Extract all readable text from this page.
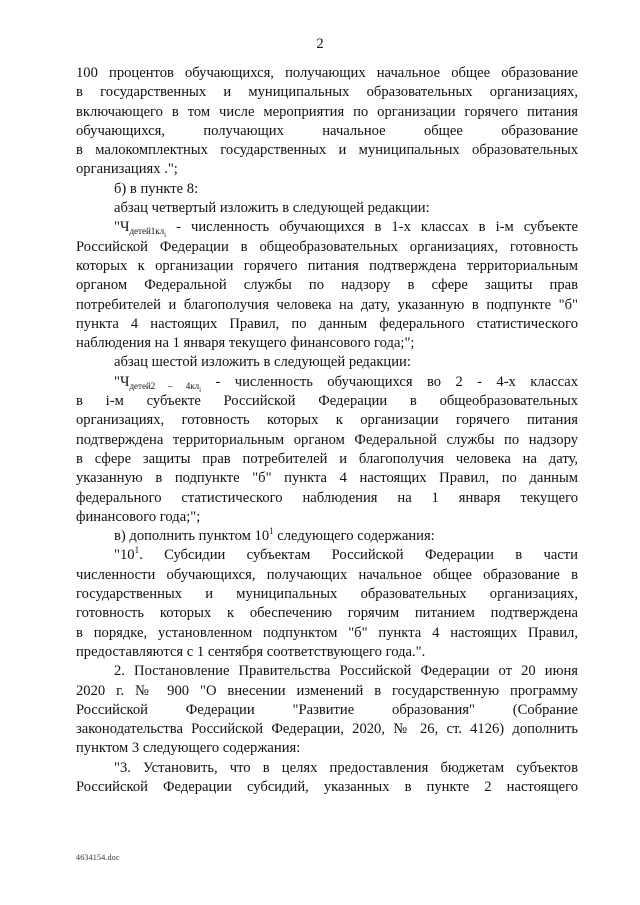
2
100 процентов обучающихся, получающих начальное общее образование
в государственных и муниципальных образовательных организациях,
включающего в том числе мероприятия по организации горячего питания
обучающихся, получающих начальное общее образование
в малокомплектных государственных и муниципальных образовательных
организациях .";
б) в пункте 8:
абзац четвертый изложить в следующей редакции:
"$Ч_{детей1клi}$ - численность обучающихся в 1-х классах в i-м субъекте
Российской Федерации в общеобразовательных организациях, готовность
которых к организации горячего питания подтверждена территориальным
органом Федеральной службы по надзору в сфере защиты прав
потребителей и благополучия человека на дату, указанную в подпункте "б"
пункта 4 настоящих Правил, по данным федерального статистического
наблюдения на 1 января текущего финансового года;";
абзац шестой изложить в следующей редакции:
"$Ч_{детей2 - 4клi}$ - численность обучающихся во 2 - 4-х классах
в i-м субъекте Российской Федерации в общеобразовательных
организациях, готовность которых к организации горячего питания
подтверждена территориальным органом Федеральной службы по надзору
в сфере защиты прав потребителей и благополучия человека на дату,
указанную в подпункте "б" пункта 4 настоящих Правил, по данным
федерального статистического наблюдения на 1 января текущего
финансового года;";
в) дополнить пунктом $10^1$ следующего содержания:
"$10^1$. Субсидии субъектам Российской Федерации в части
численности обучающихся, получающих начальное общее образование в
государственных и муниципальных образовательных организациях,
готовность которых к обеспечению горячим питанием подтверждена
в порядке, установленном подпунктом "б" пункта 4 настоящих Правил,
предоставляются с 1 сентября соответствующего года.".
2. Постановление Правительства Российской Федерации от 20 июня
2020 г. № 900 "О внесении изменений в государственную программу
Российской Федерации "Развитие образования" (Собрание
законодательства Российской Федерации, 2020, № 26, ст. 4126) дополнить
пунктом 3 следующего содержания:
"3. Установить, что в целях предоставления бюджетам субъектов
Российской Федерации субсидий, указанных в пункте 2 настоящего
4634154.doc
